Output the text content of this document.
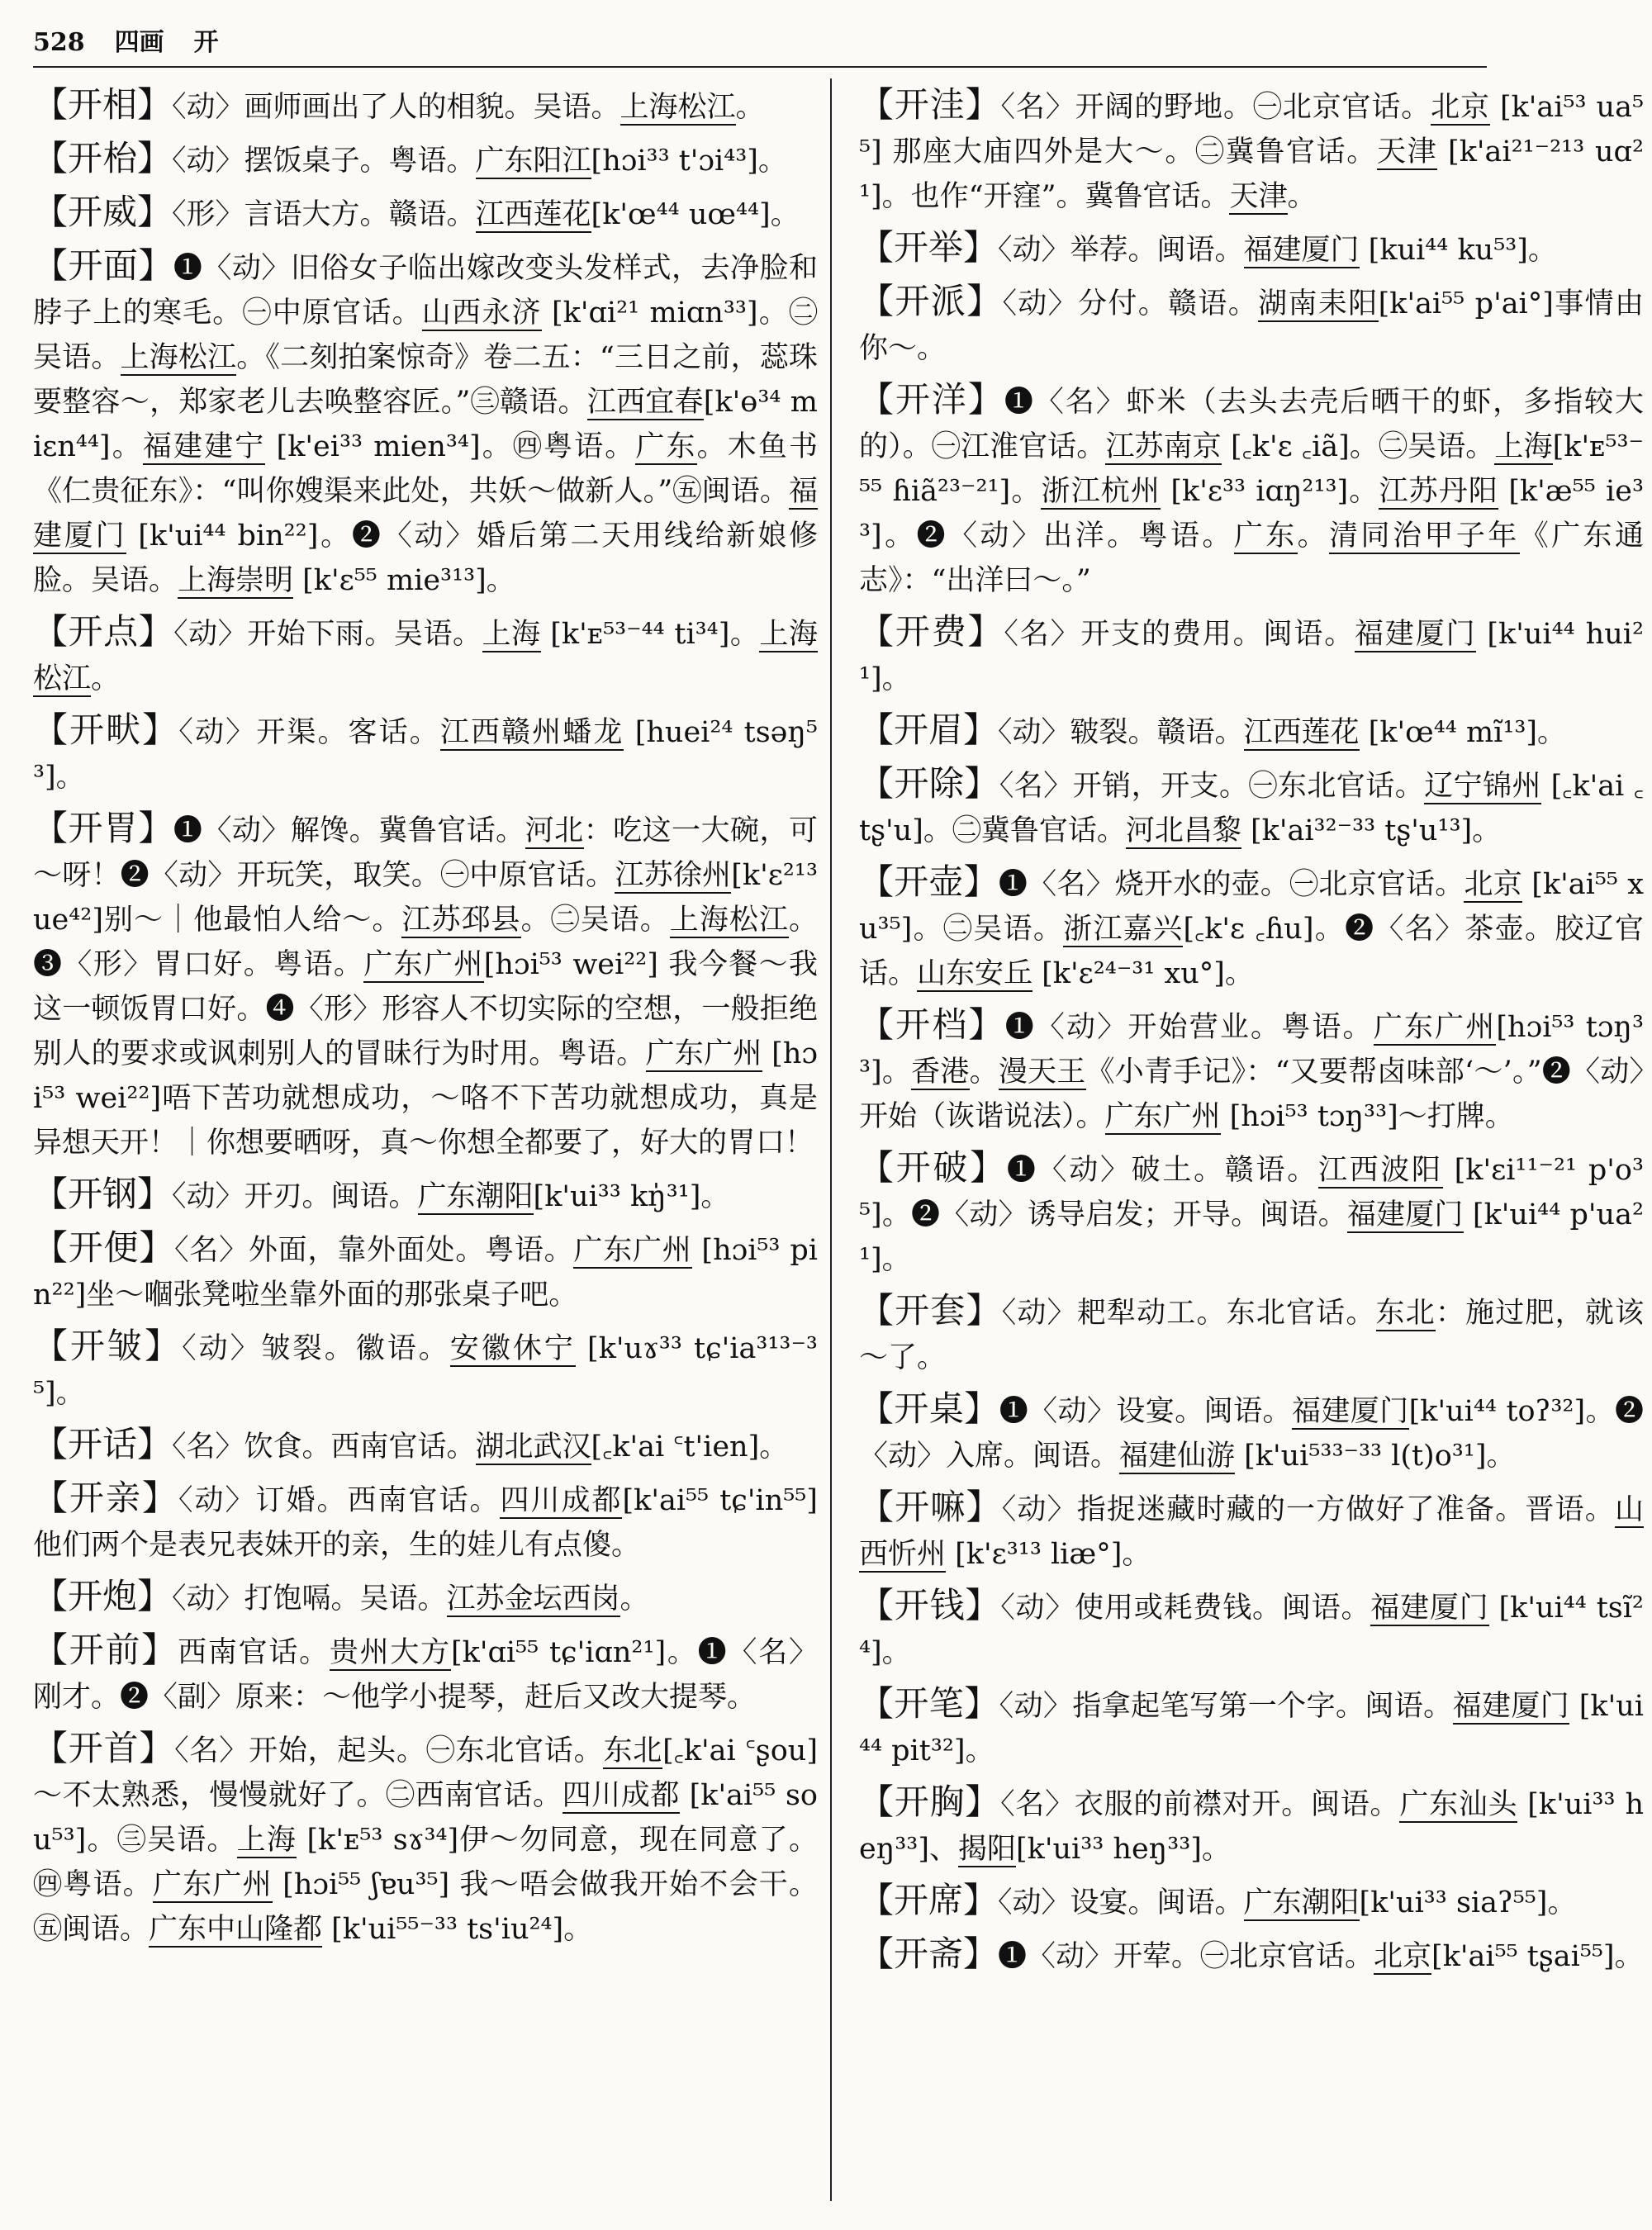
528 四画 开
【开相】〈动〉画师画出了人的相貌。吴语。上海松江。
【开枱】〈动〉摆饭桌子。粤语。广东阳江[hɔi³³ t'ɔi⁴³]。
【开威】〈形〉言语大方。赣语。江西莲花[k'œ⁴⁴ uœ⁴⁴]。
【开面】❶〈动〉旧俗女子临出嫁改变头发样式，去净脸和脖子上的寒毛。㊀中原官话。山西永济 [k'ɑi²¹ miɑn³³]。㊁吴语。上海松江。《二刻拍案惊奇》卷二五：“三日之前，蕊珠要整容～，郑家老儿去唤整容匠。”㊂赣语。江西宜春[k'ɵ³⁴ miɛn⁴⁴]。福建建宁 [k'ei³³ mien³⁴]。㊃粤语。广东。木鱼书《仁贵征东》：“叫你嫂渠来此处，共妖～做新人。”㊄闽语。福建厦门 [k'ui⁴⁴ bin²²]。❷〈动〉婚后第二天用线给新娘修脸。吴语。上海崇明 [k'ɛ⁵⁵ mie³¹³]。
【开点】〈动〉开始下雨。吴语。上海 [k'ᴇ⁵³⁻⁴⁴ ti³⁴]。上海松江。
【开畎】〈动〉开渠。客话。江西赣州蟠龙 [huei²⁴ tsəŋ⁵³]。
【开胃】❶〈动〉解馋。冀鲁官话。河北：吃这一大碗，可～呀！❷〈动〉开玩笑，取笑。㊀中原官话。江苏徐州[k'ɛ²¹³ ue⁴²]别～｜他最怕人给～。江苏邳县。㊁吴语。上海松江。❸〈形〉胃口好。粤语。广东广州[hɔi⁵³ wei²²] 我今餐～我这一顿饭胃口好。❹〈形〉形容人不切实际的空想，一般拒绝别人的要求或讽刺别人的冒昧行为时用。粤语。广东广州 [hɔi⁵³ wei²²]唔下苦功就想成功，～咯不下苦功就想成功，真是异想天开！｜你想要晒呀，真～你想全都要了，好大的胃口！
【开钢】〈动〉开刃。闽语。广东潮阳[k'ui³³ kŋ̍³¹]。
【开便】〈名〉外面，靠外面处。粤语。广东广州 [hɔi⁵³ pin²²]坐～嗰张凳啦坐靠外面的那张桌子吧。
【开皱】〈动〉皱裂。徽语。安徽休宁 [k'uɤ³³ tɕ'ia³¹³⁻³⁵]。
【开话】〈名〉饮食。西南官话。湖北武汉[꜀k'ai ꜂t'ien]。
【开亲】〈动〉订婚。西南官话。四川成都[k'ai⁵⁵ tɕ'in⁵⁵] 他们两个是表兄表妹开的亲，生的娃儿有点傻。
【开炮】〈动〉打饱嗝。吴语。江苏金坛西岗。
【开前】西南官话。贵州大方[k'ɑi⁵⁵ tɕ'iɑn²¹]。❶〈名〉刚才。❷〈副〉原来：～他学小提琴，赶后又改大提琴。
【开首】〈名〉开始，起头。㊀东北官话。东北[꜀k'ai ꜂ʂou] ～不太熟悉，慢慢就好了。㊁西南官话。四川成都 [k'ai⁵⁵ sou⁵³]。㊂吴语。上海 [k'ᴇ⁵³ sɤ³⁴]伊～勿同意，现在同意了。㊃粤语。广东广州 [hɔi⁵⁵ ʃɐu³⁵] 我～唔会做我开始不会干。㊄闽语。广东中山隆都 [k'ui⁵⁵⁻³³ ts'iu²⁴]。
【开洼】〈名〉开阔的野地。㊀北京官话。北京 [k'ai⁵³ ua⁵⁵] 那座大庙四外是大～。㊁冀鲁官话。天津 [k'ai²¹⁻²¹³ uɑ²¹]。也作“开窪”。冀鲁官话。天津。
【开举】〈动〉举荐。闽语。福建厦门 [kui⁴⁴ ku⁵³]。
【开派】〈动〉分付。赣语。湖南耒阳[k'ai⁵⁵ p'ai°]事情由你～。
【开洋】❶〈名〉虾米（去头去壳后晒干的虾，多指较大的）。㊀江淮官话。江苏南京 [꜀k'ɛ ꜀iã]。㊁吴语。上海[k'ᴇ⁵³⁻⁵⁵ ɦiã²³⁻²¹]。浙江杭州 [k'ɛ³³ iɑŋ²¹³]。江苏丹阳 [k'æ⁵⁵ ie³³]。❷〈动〉出洋。粤语。广东。清同治甲子年《广东通志》：“出洋曰～。”
【开费】〈名〉开支的费用。闽语。福建厦门 [k'ui⁴⁴ hui²¹]。
【开眉】〈动〉皲裂。赣语。江西莲花 [k'œ⁴⁴ mĩ¹³]。
【开除】〈名〉开销，开支。㊀东北官话。辽宁锦州 [꜀k'ai ꜀tʂ'u]。㊁冀鲁官话。河北昌黎 [k'ai³²⁻³³ tʂ'u¹³]。
【开壶】❶〈名〉烧开水的壶。㊀北京官话。北京 [k'ai⁵⁵ xu³⁵]。㊁吴语。浙江嘉兴[꜀k'ɛ ꜀ɦu]。❷〈名〉茶壶。胶辽官话。山东安丘 [k'ɛ²⁴⁻³¹ xu°]。
【开档】❶〈动〉开始营业。粤语。广东广州[hɔi⁵³ tɔŋ³³]。香港。漫天王《小青手记》：“又要帮卤味部‘～’。”❷〈动〉开始（诙谐说法）。广东广州 [hɔi⁵³ tɔŋ³³]～打牌。
【开破】❶〈动〉破土。赣语。江西波阳 [k'ɛi¹¹⁻²¹ p'o³⁵]。❷〈动〉诱导启发；开导。闽语。福建厦门 [k'ui⁴⁴ p'ua²¹]。
【开套】〈动〉耙犁动工。东北官话。东北：施过肥，就该～了。
【开桌】❶〈动〉设宴。闽语。福建厦门[k'ui⁴⁴ toʔ³²]。❷〈动〉入席。闽语。福建仙游 [k'ui⁵³³⁻³³ l(t)o³¹]。
【开嘛】〈动〉指捉迷藏时藏的一方做好了准备。晋语。山西忻州 [k'ɛ³¹³ liæ°]。
【开钱】〈动〉使用或耗费钱。闽语。福建厦门 [k'ui⁴⁴ tsĩ²⁴]。
【开笔】〈动〉指拿起笔写第一个字。闽语。福建厦门 [k'ui⁴⁴ pit³²]。
【开胸】〈名〉衣服的前襟对开。闽语。广东汕头 [k'ui³³ heŋ³³]、揭阳[k'ui³³ heŋ³³]。
【开席】〈动〉设宴。闽语。广东潮阳[k'ui³³ siaʔ⁵⁵]。
【开斋】❶〈动〉开荤。㊀北京官话。北京[k'ai⁵⁵ tʂai⁵⁵]。
